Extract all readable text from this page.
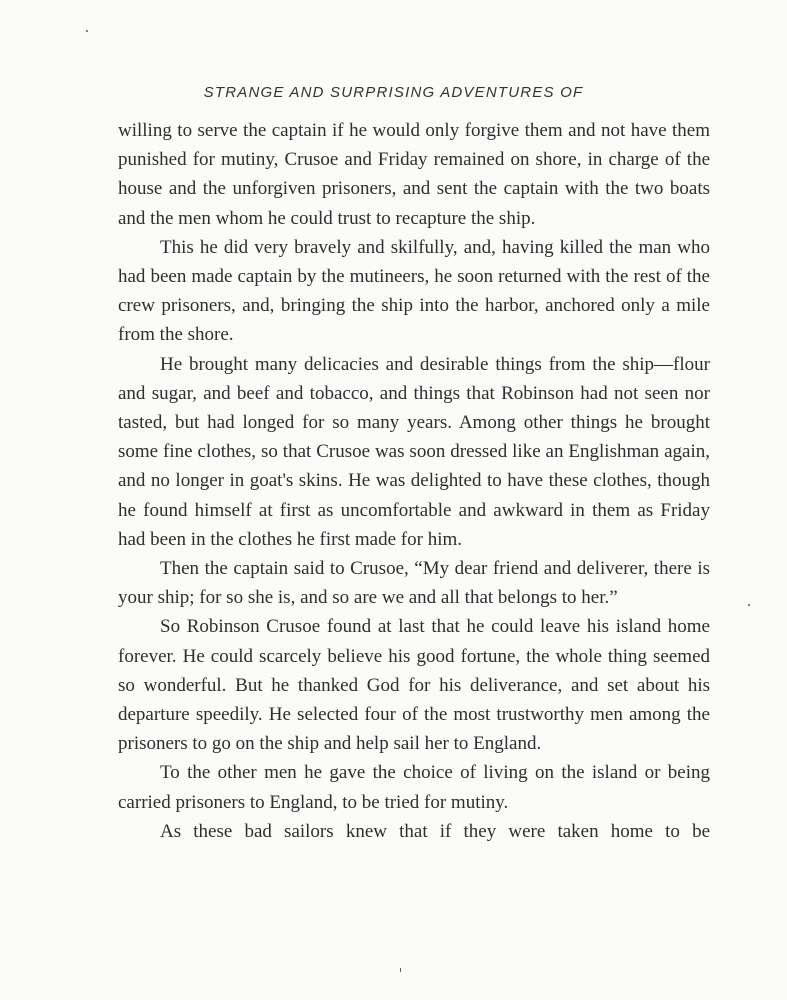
STRANGE AND SURPRISING ADVENTURES OF

willing to serve the captain if he would only forgive them and not have them punished for mutiny, Crusoe and Friday remained on shore, in charge of the house and the unforgiven prisoners, and sent the captain with the two boats and the men whom he could trust to recapture the ship.

This he did very bravely and skilfully, and, having killed the man who had been made captain by the mutineers, he soon returned with the rest of the crew prisoners, and, bringing the ship into the harbor, anchored only a mile from the shore.

He brought many delicacies and desirable things from the ship—flour and sugar, and beef and tobacco, and things that Robinson had not seen nor tasted, but had longed for so many years. Among other things he brought some fine clothes, so that Crusoe was soon dressed like an Englishman again, and no longer in goat's skins. He was delighted to have these clothes, though he found himself at first as uncomfortable and awkward in them as Friday had been in the clothes he first made for him.

Then the captain said to Crusoe, “My dear friend and deliverer, there is your ship; for so she is, and so are we and all that belongs to her.”

So Robinson Crusoe found at last that he could leave his island home forever. He could scarcely believe his good fortune, the whole thing seemed so wonderful. But he thanked God for his deliverance, and set about his departure speedily. He selected four of the most trustworthy men among the prisoners to go on the ship and help sail her to England.

To the other men he gave the choice of living on the island or being carried prisoners to England, to be tried for mutiny.

As these bad sailors knew that if they were taken home to be
